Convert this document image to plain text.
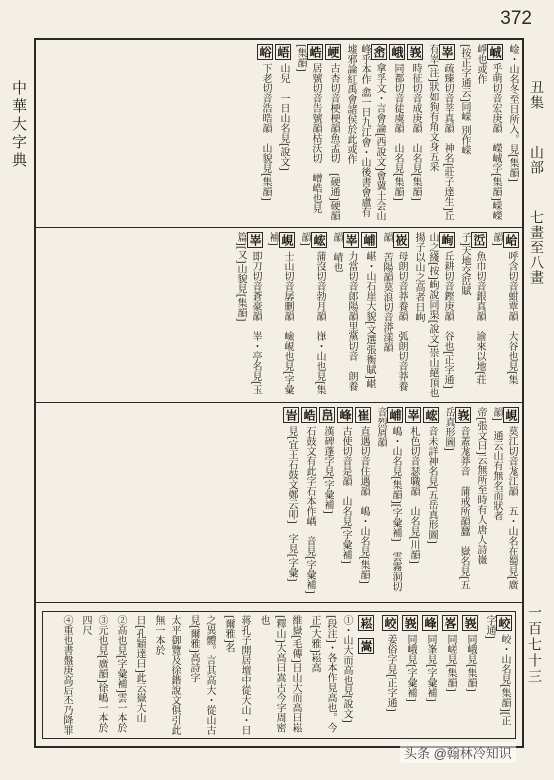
372
中華大字典	丑集  山部  七畫至八畫
一百七十三
崯・山名冬至日所入。見[集韻]
峸乎萌切音宏庚韻　嶸峸字[集韻]嵘嶸崢也或作
[按正字通云]同嵘 別作嵘
峷疏臻切音莘真韻　神名[莊子達生]丘有峷[注]狀如狗有角文身五采
峩時征切音成庚韻　山名見[集韻]
峨同都切音徒虞韻　山名見[集韻]
峹拿孚文・言會論[西說文]會冀土会山峰乎本作 嵞一日九江會・山後書會盧有墟邪論紅禹會諸侯於此或作
峺古杏切音梗梗韻魚孟切　[硬通]硬韻
峼居號切音告號韻枯沃切　嶒峼也見[集韻]
峿山兒　一日山名見[說文]
峪下老切音浩晧韻　山貌見[集韻]
峆呼含切音蚶覃韻　大谷也見[集韻]
峾魚巾切音銀真韻　渝來以地[荘子]天地交峾賦
峋丘耕切音鏗庚韻　谷也[正字通]山之綫[按]峋說同渠[說文]崇山絕頂也 揚子以山之高者日峋
峳母朗切音莽養韻　弧朗切音莽養韻　苦陽韻莫浪切音漭漾韻
峬嵁・山石崖大貌[文選張衡賦]嵁
峷力當切音郎陽韻里黨切音　朗養韻　崝也
峵蒲沒切音勃月韻　嵂・山也見[集韻]
峴士山切音孱刪韻　嶮峴也見[字彙補]
峷即刀切音蒼豪韻　峷・亭名見[玉篇][又]山貌見[集韻]
峴莫江切音尨江韻　五・山名在蜀見[廣韻]　通云山有無名而狀者
帝[張文曰]云無所至時有人唐人詩嶶
峩音蓋尨莽音　蒲戒所韻蠶　嶽名見[五岳真形圖]
峵音未詳神名見[五岳真形圖]
峷札色切音瑟職韻　山名見[川韻]
峬嶋・山名見[集韻][字彙補]　雲霧洞切音烈屑韻
崔直遇切音住遇韻　嶋・山名見[集韻]
峰古使切音是韻　山名見[字彙補]
峊漢碑蓬字見[字彙補]
峼石鼓文有此字石本作嵎　音見[字彙補]
峕見[宜王石鼓文鄭云叩]　字見[字彙]
峧峧・山名見[集韻][正字通]
峩同峨見[集韻]
峉同嵯見[集韻]
峰同峯見[字彙補]
峩同峨見[字彙補]
峧姜俗字見[正字通]
崧嵩
①・山大而高也見[說文][段注]・各本作見高也。今正[大雅]崧高
維嶽[毛傳]日山大而高曰崧[釋山]大高曰嵩古今字周密也
蒋孔子開居壇中從大山・日[爾雅]名
之異體。言其高大・從山古見[爾雅]高詩字
太平御覽及徐鍇說文俱引此無一本於
日[孔穎達曰]此云嶽大山
②高也見[字彙補]雲一本於
③元也見[廣韻]徐嶋一本於四尺
④重也書盤庚高后丕乃降罪
头条 @翰林冷知识
